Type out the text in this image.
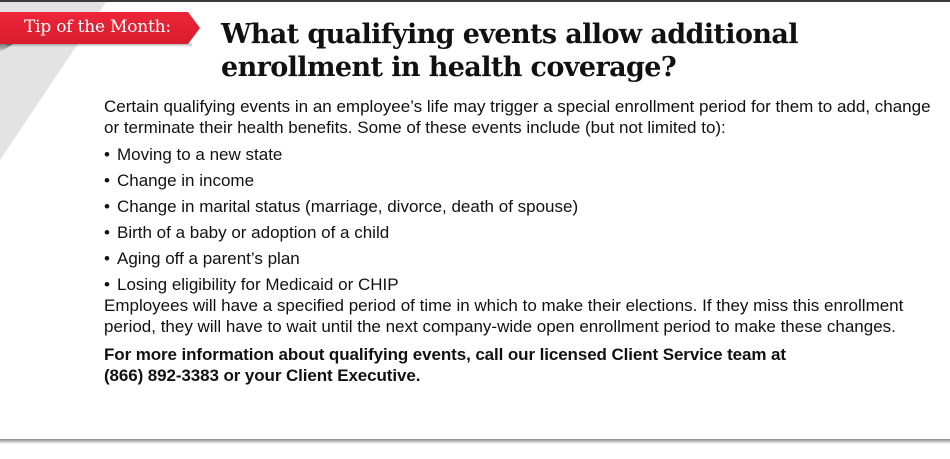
Tip of the Month: What qualifying events allow additional
enrollment in health coverage?

Certain qualifying events in an employee’s life may trigger a special enrollment period for them to add, change or terminate their health benefits. Some of these events include (but not limited to):

• Moving to a new state
• Change in income
• Change in marital status (marriage, divorce, death of spouse)
• Birth of a baby or adoption of a child
• Aging off a parent’s plan
• Losing eligibility for Medicaid or CHIP

Employees will have a specified period of time in which to make their elections. If they miss this enrollment period, they will have to wait until the next company-wide open enrollment period to make these changes.

For more information about qualifying events, call our licensed Client Service team at
(866) 892-3383 or your Client Executive.
